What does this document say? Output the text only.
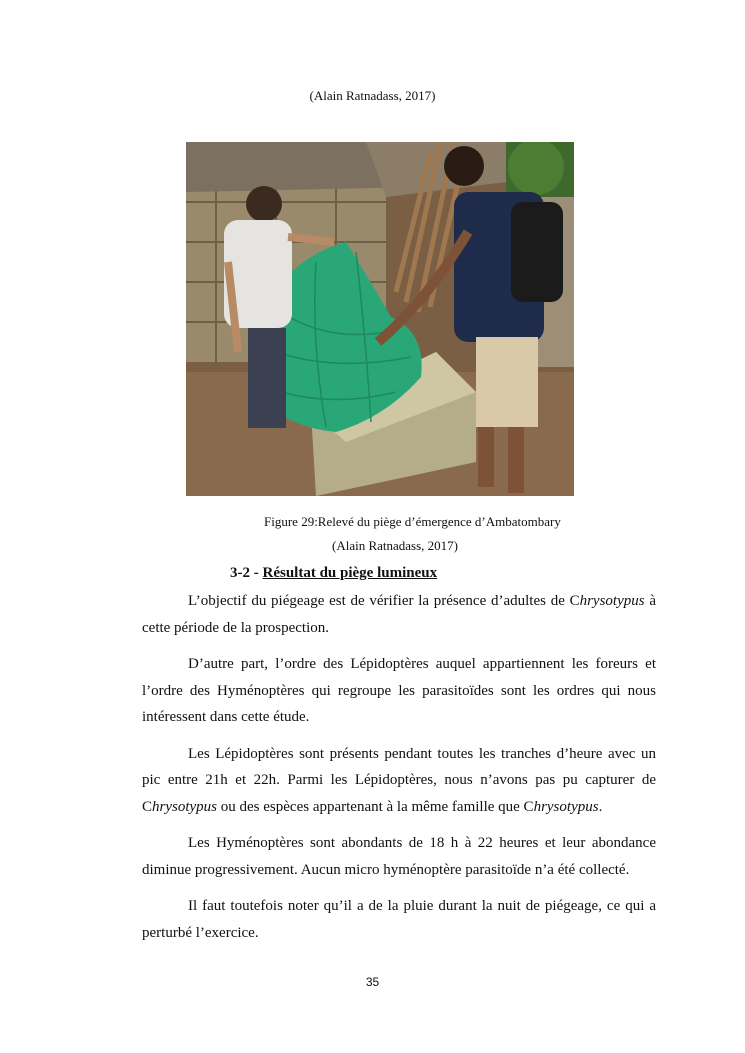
(Alain Ratnadass, 2017)
Figure 29:Relevé du piège d’émergence d’Ambatombary
(Alain Ratnadass, 2017)
3-2 - Résultat du piège lumineux

L’objectif du piégeage est de vérifier la présence d’adultes de Chrysotypus à cette période de la prospection.

D’autre part, l’ordre des Lépidoptères auquel appartiennent les foreurs et l’ordre des Hyménoptères qui regroupe les parasitoïdes sont les ordres qui nous intéressent dans cette étude.

Les Lépidoptères sont présents pendant toutes les tranches d’heure avec un pic entre 21h et 22h. Parmi les Lépidoptères, nous n’avons pas pu capturer de Chrysotypus ou des espèces appartenant à la même famille que Chrysotypus.

Les Hyménoptères sont abondants de 18 h à 22 heures et leur abondance diminue progressivement. Aucun micro hyménoptère parasitoïde n’a été collecté.

Il faut toutefois noter qu’il a de la pluie durant la nuit de piégeage, ce qui a perturbé l’exercice.

35
